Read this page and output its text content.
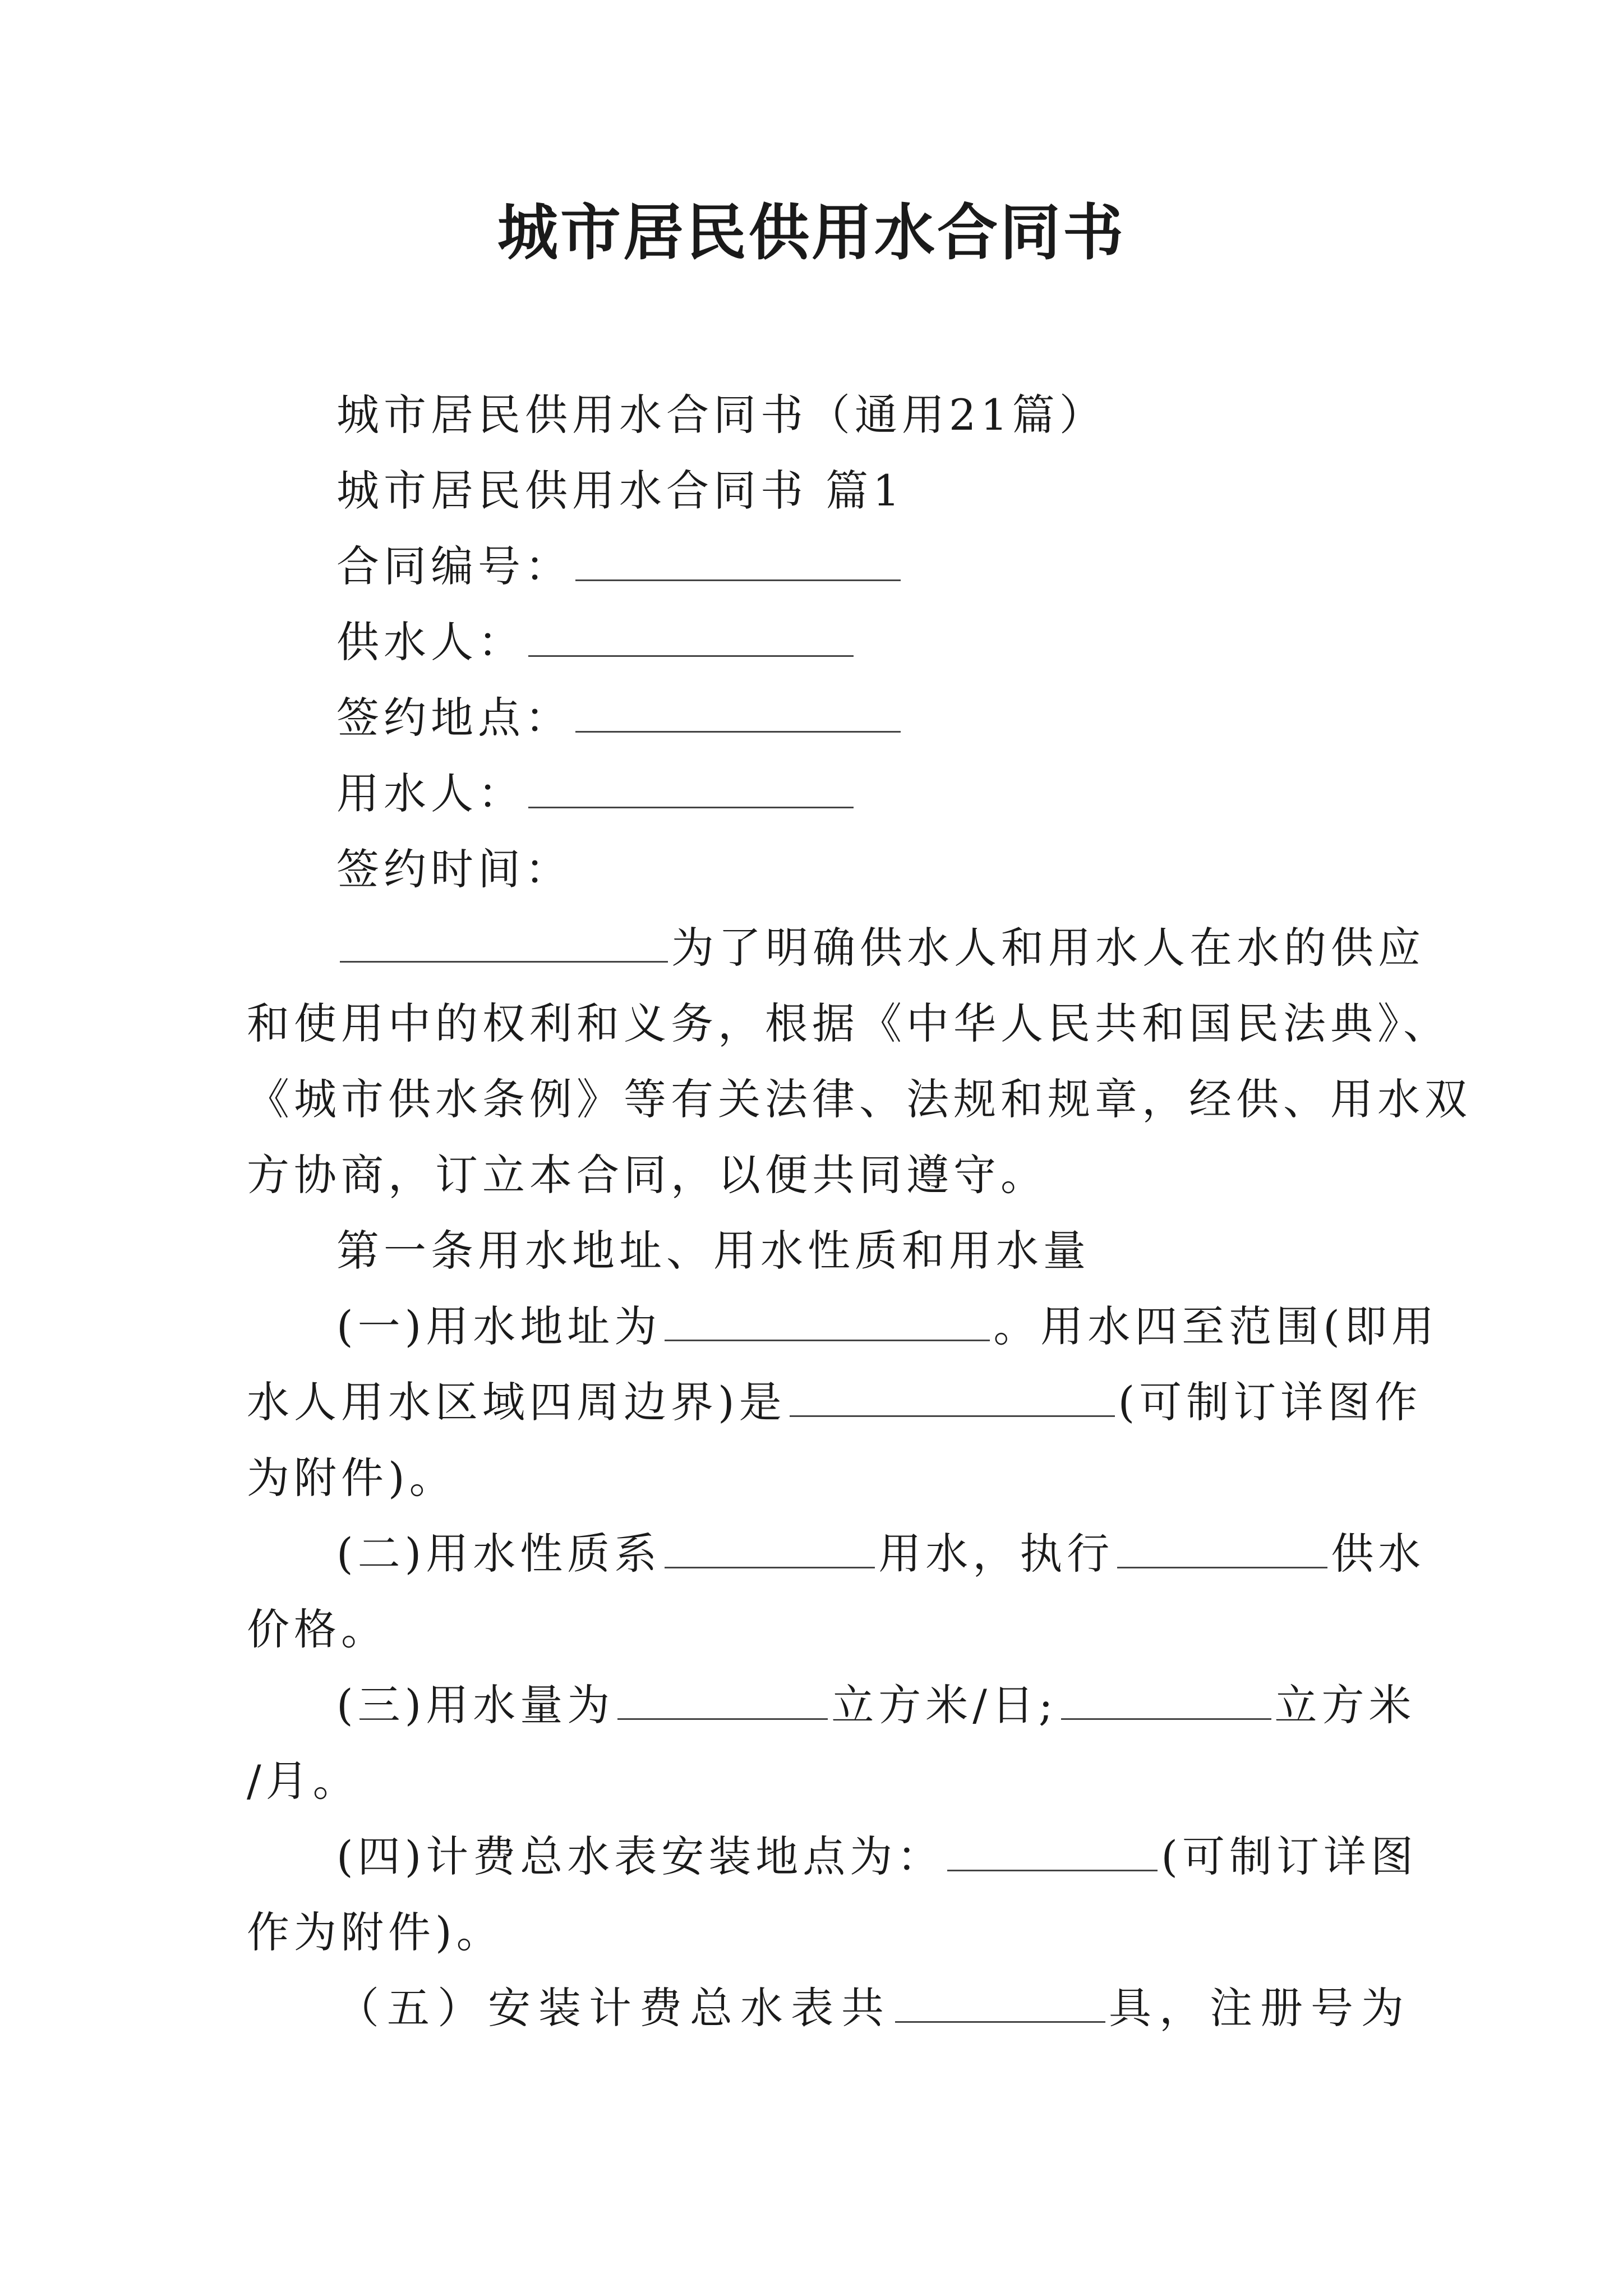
城市居民供用水合同书
城市居民供用水合同书（通用21篇）
城市居民供用水合同书 篇1
合同编号：
供水人：
签约地点：
用水人：
签约时间：
为了明确供水人和用水人在水的供应
和使用中的权利和义务，根据《中华人民共和国民法典》、
《城市供水条例》等有关法律、法规和规章，经供、用水双
方协商，订立本合同，以便共同遵守。
第一条用水地址、用水性质和用水量
(一)用水地址为	。用水四至范围(即用
水人用水区域四周边界)是	(可制订详图作
为附件)。
(二)用水性质系	用水，执行	供水
价格。
(三)用水量为	立方米/日;	立方米
/月。
(四)计费总水表安装地点为：	(可制订详图
作为附件)。
（五）安装计费总水表共	具，注册号为
